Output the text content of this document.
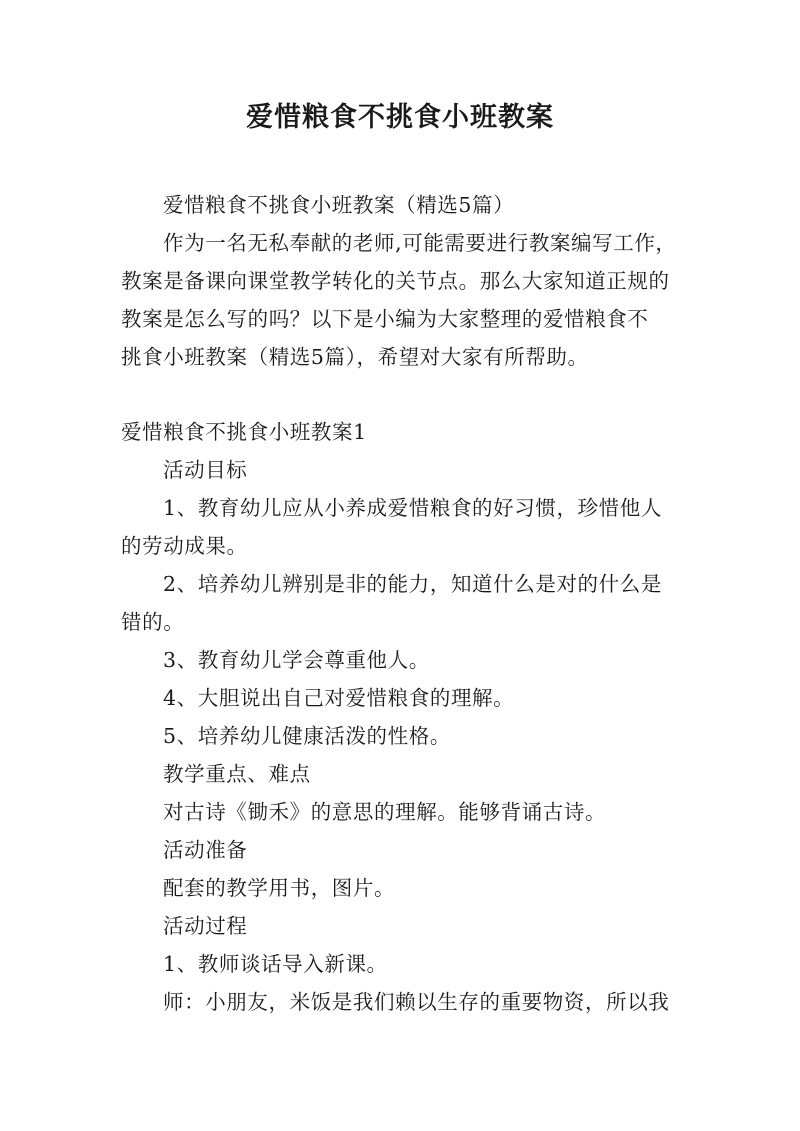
爱惜粮食不挑食小班教案

爱惜粮食不挑食小班教案（精选5篇）

作为一名无私奉献的老师,可能需要进行教案编写工作，

教案是备课向课堂教学转化的关节点。那么大家知道正规的

教案是怎么写的吗？以下是小编为大家整理的爱惜粮食不

挑食小班教案（精选5篇），希望对大家有所帮助。

爱惜粮食不挑食小班教案1

活动目标

1、教育幼儿应从小养成爱惜粮食的好习惯，珍惜他人

的劳动成果。

2、培养幼儿辨别是非的能力，知道什么是对的什么是

错的。

3、教育幼儿学会尊重他人。

4、大胆说出自己对爱惜粮食的理解。

5、培养幼儿健康活泼的性格。

教学重点、难点

对古诗《锄禾》的意思的理解。能够背诵古诗。

活动准备

配套的教学用书，图片。

活动过程

1、教师谈话导入新课。

师：小朋友，米饭是我们赖以生存的重要物资，所以我
